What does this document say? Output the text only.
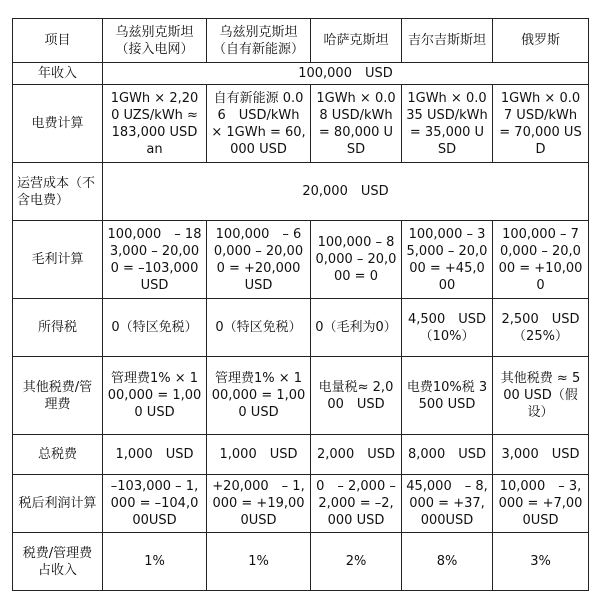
项目	乌兹别克斯坦（接入电网）	乌兹别克斯坦（自有新能源）	哈萨克斯坦	吉尔吉斯斯坦	俄罗斯
年收入	100,000　USD				
电费计算	1GWh × 2,200 UZS/kWh ≈ 183,000 USD an	自有新能源 0.06　USD/kWh × 1GWh = 60,000 USD	1GWh × 0.08 USD/kWh = 80,000 USD	1GWh × 0.035 USD/kWh = 35,000 USD	1GWh × 0.07 USD/kWh = 70,000 USD
运营成本（不含电费）	20,000　USD				
毛利计算	100,000　– 183,000 – 20,000 = –103,000 USD	100,000　– 60,000 – 20,000 = +20,000 USD	100,000 – 80,000 – 20,000 = 0	100,000 – 35,000 – 20,000 = +45,000	100,000 – 70,000 – 20,000 = +10,000
所得税	0（特区免税）	0（特区免税）	0（毛利为0）	4,500　USD（10%）	2,500　USD（25%）
其他税费/管理费	管理费1% × 100,000 = 1,000 USD	管理费1% × 100,000 = 1,000 USD	电量税≈ 2,000　USD	电费10%税 3500 USD	其他税费 ≈ 500 USD（假设）
总税费	1,000　USD	1,000　USD	2,000　USD	8,000　USD	3,000　USD
税后利润计算	–103,000 – 1,000 = –104,000USD	+20,000　– 1,000 = +19,000USD	0　– 2,000 – 2,000 = –2,000 USD	45,000　– 8,000 = +37,000USD	10,000　– 3,000 = +7,000USD
税费/管理费占收入	1%	1%	2%	8%	3%
